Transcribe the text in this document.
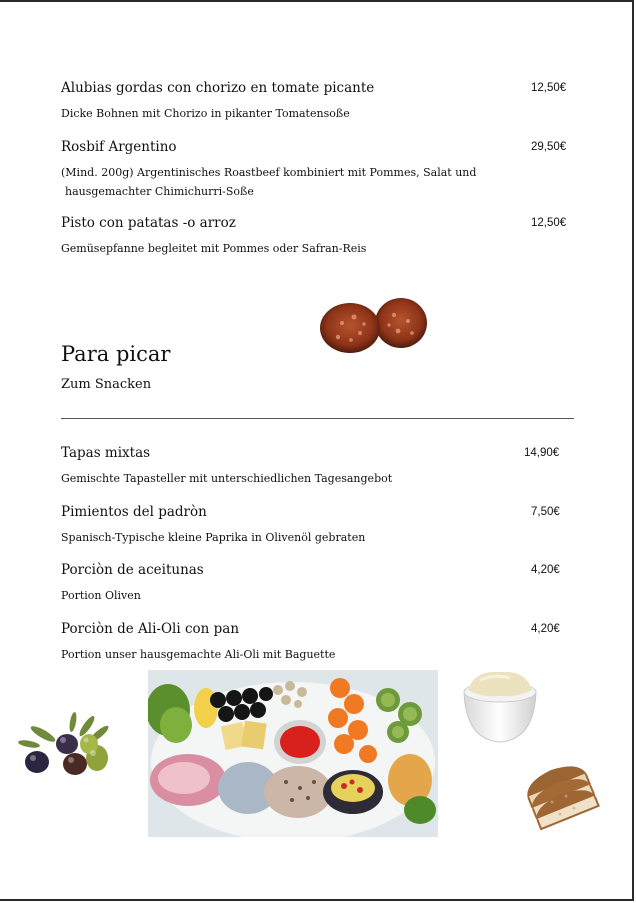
Alubias gordas con chorizo en tomate picante	12,50€
Dicke Bohnen mit Chorizo in pikanter Tomatensoße
Rosbif Argentino	29,50€
(Mind. 200g) Argentinisches Roastbeef kombiniert mit Pommes, Salat und
hausgemachter Chimichurri-Soße
Pisto con patatas -o arroz	12,50€
Gemüsepfanne begleitet mit Pommes oder Safran-Reis
Para picar
Zum Snacken
Tapas mixtas	14,90€
Gemischte Tapasteller mit unterschiedlichen Tagesangebot
Pimientos del padròn	7,50€
Spanisch-Typische kleine Paprika in Olivenöl gebraten
Porciòn de aceitunas	4,20€
Portion Oliven
Porciòn de Ali-Oli con pan	4,20€
Portion unser hausgemachte Ali-Oli mit Baguette
